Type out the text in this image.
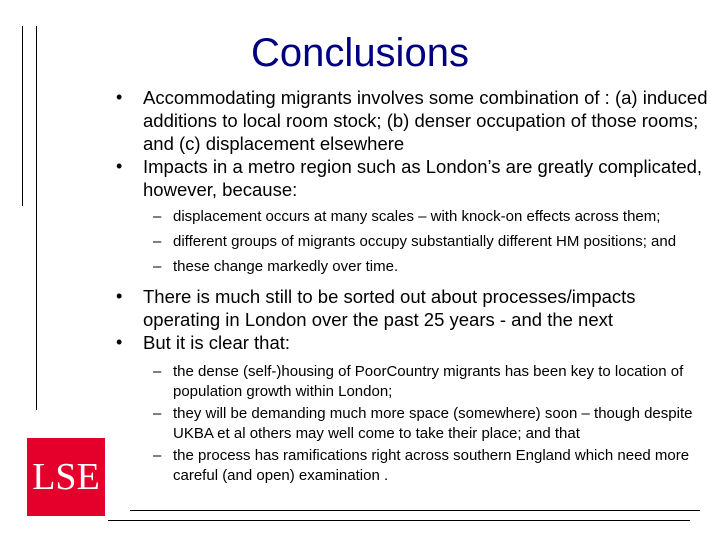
Conclusions
• Accommodating migrants involves some combination of : (a) induced additions to local room stock; (b) denser occupation of those rooms; and (c) displacement elsewhere
• Impacts in a metro region such as London’s are greatly complicated, however, because:
– displacement occurs at many scales – with knock-on effects across them;
– different groups of migrants occupy substantially different HM positions; and
– these change markedly over time.
• There is much still to be sorted out about processes/impacts operating in London over the past 25 years - and the next
• But it is clear that:
– the dense (self-)housing of PoorCountry migrants has been key to location of population growth within London;
– they will be demanding much more space (somewhere) soon – though despite UKBA et al others may well come to take their place; and that
– the process has ramifications right across southern England which need more careful (and open) examination .
LSE
